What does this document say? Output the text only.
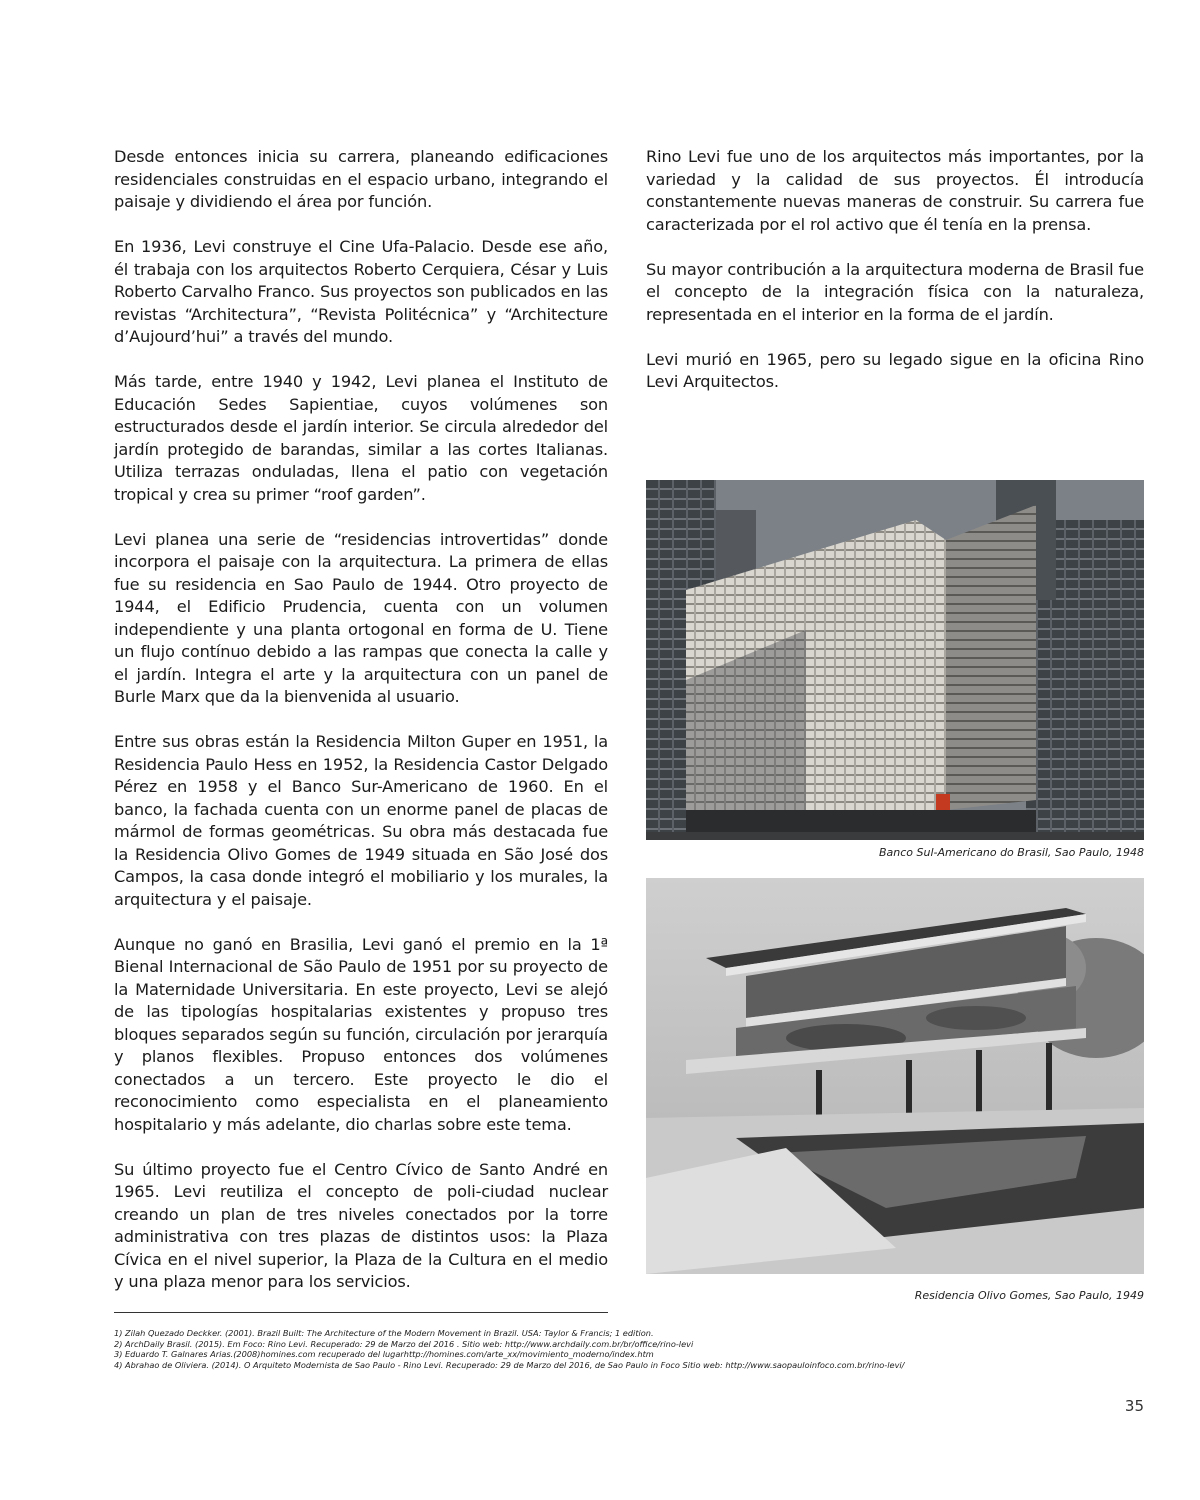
Desde entonces inicia su carrera, planeando edificaciones residenciales construidas en el espacio urbano, integrando el paisaje y dividiendo el área por función.

En 1936, Levi construye el Cine Ufa-Palacio. Desde ese año, él trabaja con los arquitectos Roberto Cerquiera, César y Luis Roberto Carvalho Franco. Sus proyectos son publicados en las revistas “Architectura”, “Revista Politécnica” y “Architecture d’Aujourd’hui” a través del mundo.

Más tarde, entre 1940 y 1942, Levi planea el Instituto de Educación Sedes Sapientiae, cuyos volúmenes son estructurados desde el jardín interior. Se circula alrededor del jardín protegido de barandas, similar a las cortes Italianas. Utiliza terrazas onduladas, llena el patio con vegetación tropical y crea su primer “roof garden”.

Levi planea una serie de “residencias introvertidas” donde incorpora el paisaje con la arquitectura. La primera de ellas fue su residencia en Sao Paulo de 1944. Otro proyecto de 1944, el Edificio Prudencia, cuenta con un volumen independiente y una planta ortogonal en forma de U. Tiene un flujo contínuo debido a las rampas que conecta la calle y el jardín. Integra el arte y la arquitectura con un panel de Burle Marx que da la bienvenida al usuario.

Entre sus obras están la Residencia Milton Guper en 1951, la Residencia Paulo Hess en 1952, la Residencia Castor Delgado Pérez en 1958 y el Banco Sur-Americano de 1960. En el banco, la fachada cuenta con un enorme panel de placas de mármol de formas geométricas. Su obra más destacada fue la Residencia Olivo Gomes de 1949 situada en São José dos Campos, la casa donde integró el mobiliario y los murales, la arquitectura y el paisaje.

Aunque no ganó en Brasilia, Levi ganó el premio en la 1ª Bienal Internacional de São Paulo de 1951 por su proyecto de la Maternidade Universitaria. En este proyecto, Levi se alejó de las tipologías hospitalarias existentes y propuso tres bloques separados según su función, circulación por jerarquía y planos flexibles. Propuso entonces dos volúmenes conectados a un tercero. Este proyecto le dio el reconocimiento como especialista en el planeamiento hospitalario y más adelante, dio charlas sobre este tema.

Su último proyecto fue el Centro Cívico de Santo André en 1965. Levi reutiliza el concepto de poli-ciudad nuclear creando un plan de tres niveles conectados por la torre administrativa con tres plazas de distintos usos: la Plaza Cívica en el nivel superior, la Plaza de la Cultura en el medio y una plaza menor para los servicios.

Rino Levi fue uno de los arquitectos más importantes, por la variedad y la calidad de sus proyectos. Él introducía constantemente nuevas maneras de construir. Su carrera fue caracterizada por el rol activo que él tenía en la prensa.

Su mayor contribución a la arquitectura moderna de Brasil fue el concepto de la integración física con la naturaleza, representada en el interior en la forma de el jardín.

Levi murió en 1965, pero su legado sigue en la oficina Rino Levi Arquitectos.

Banco Sul-Americano do Brasil, Sao Paulo, 1948
Residencia Olivo Gomes, Sao Paulo, 1949
1) Zilah Quezado Deckker. (2001). Brazil Built: The Architecture of the Modern Movement in Brazil. USA: Taylor & Francis; 1 edition.
2) ArchDaily Brasil. (2015). Em Foco: Rino Levi. Recuperado: 29 de Marzo del 2016 . Sitio web: http://www.archdaily.com.br/br/office/rino-levi
3) Eduardo T. Galnares Arias.(2008)homines.com recuperado del lugarhttp://homines.com/arte_xx/movimiento_moderno/index.htm
4) Abrahao de Oliviera. (2014). O Arquiteto Modernista de Sao Paulo - Rino Levi. Recuperado: 29 de Marzo del 2016, de Sao Paulo in Foco Sitio web: http://www.saopauloinfoco.com.br/rino-levi/
35
